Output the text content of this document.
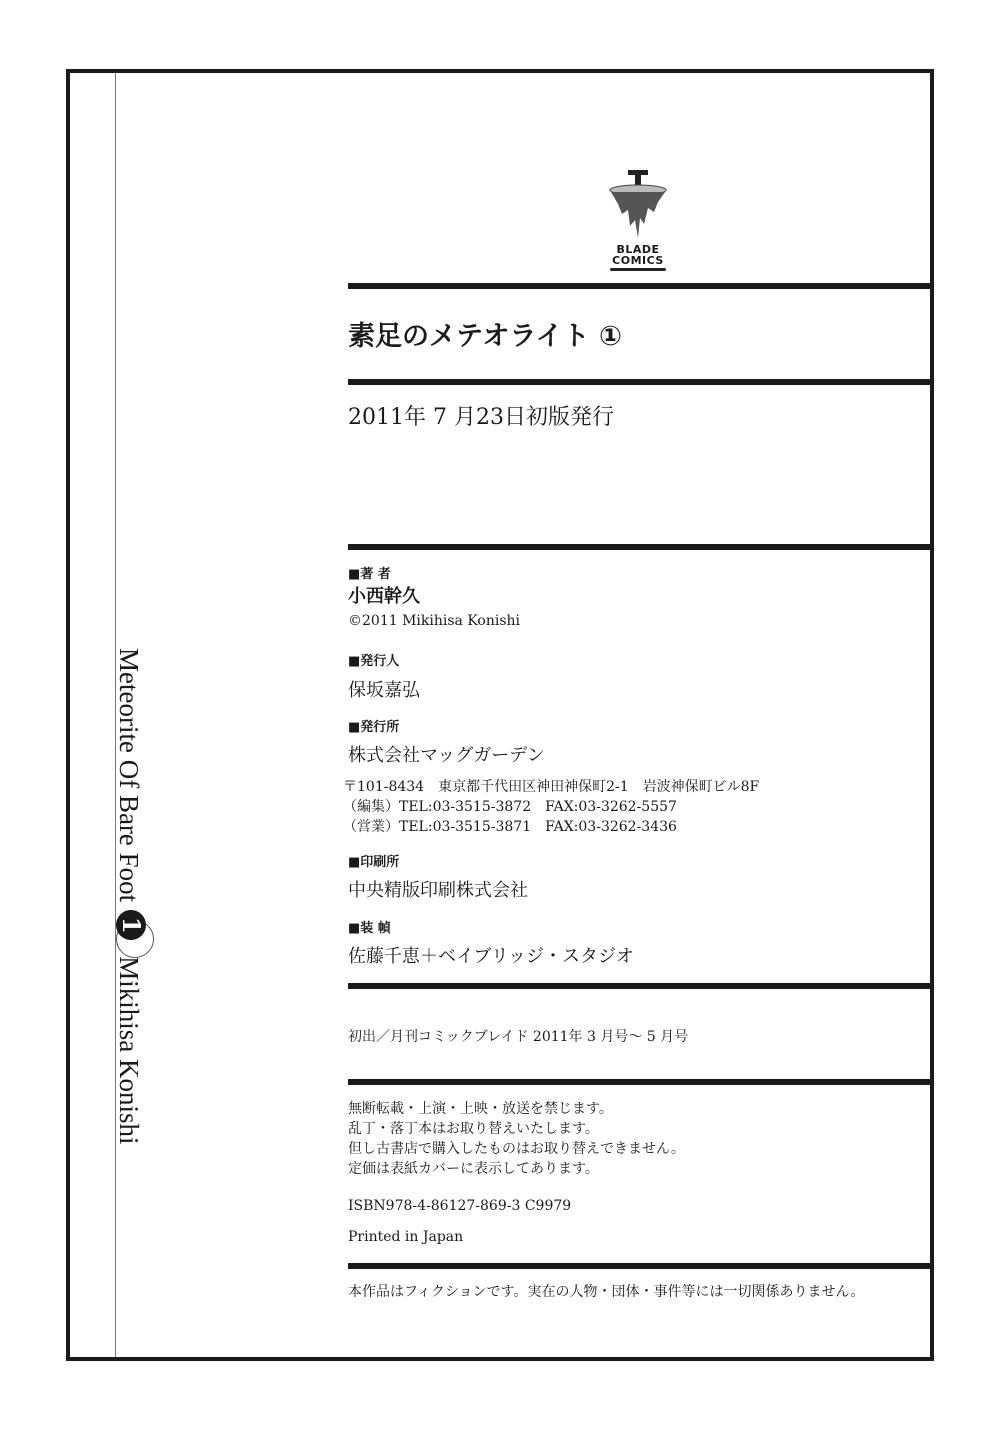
Meteorite Of Bare Foot
1
Mikihisa Konishi
BLADE
COMICS
素足のメテオライト ①
2011年 7 月23日初版発行
■著 者
小西幹久
©2011 Mikihisa Konishi
■発行人
保坂嘉弘
■発行所
株式会社マッグガーデン
〒101-8434　東京都千代田区神田神保町2-1　岩波神保町ビル8F
（編集）TEL:03-3515-3872　FAX:03-3262-5557
（営業）TEL:03-3515-3871　FAX:03-3262-3436
■印刷所
中央精版印刷株式会社
■装 幀
佐藤千恵＋ベイブリッジ・スタジオ
初出／月刊コミックブレイド 2011年 3 月号～ 5 月号
無断転載・上演・上映・放送を禁じます。
乱丁・落丁本はお取り替えいたします。
但し古書店で購入したものはお取り替えできません。
定価は表紙カバーに表示してあります。
ISBN978-4-86127-869-3 C9979
Printed in Japan
本作品はフィクションです。実在の人物・団体・事件等には一切関係ありません。
